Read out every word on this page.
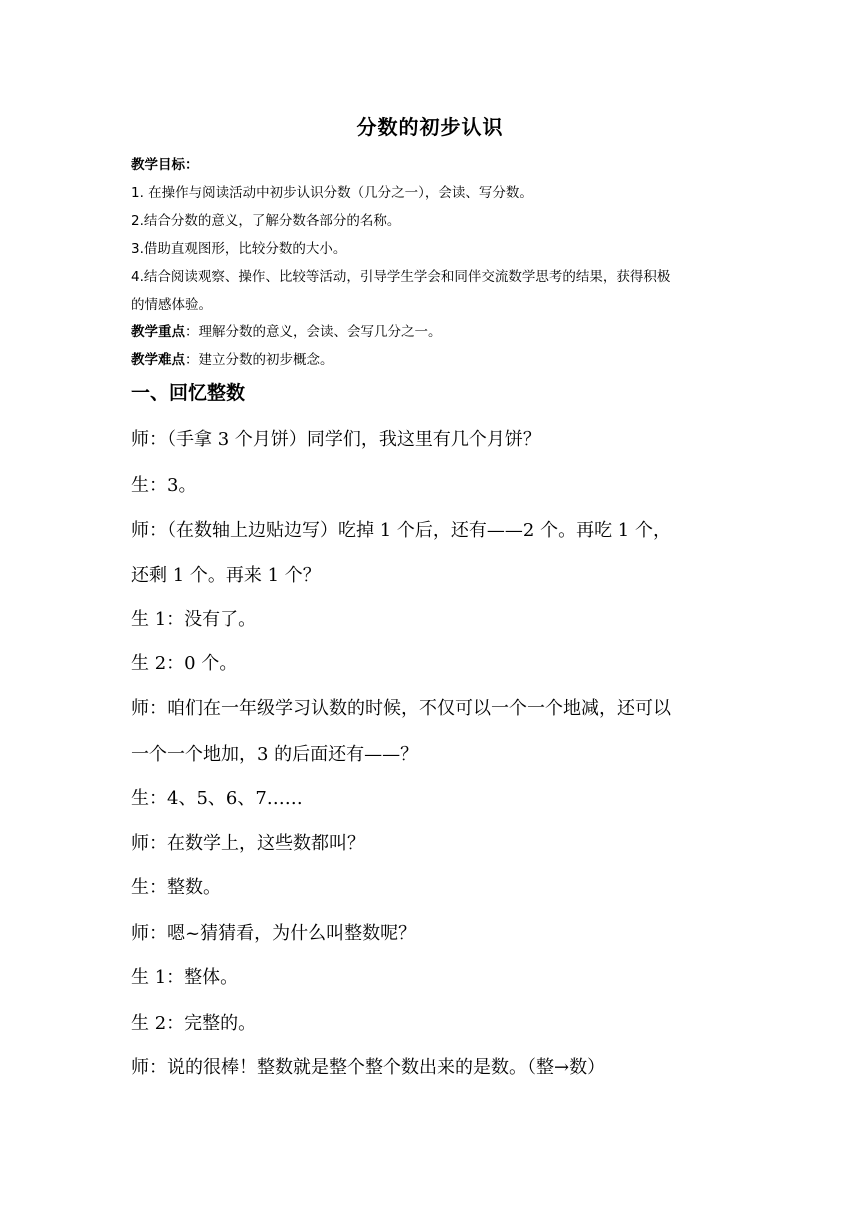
分数的初步认识
教学目标：
1. 在操作与阅读活动中初步认识分数（几分之一），会读、写分数。
2.结合分数的意义，了解分数各部分的名称。
3.借助直观图形，比较分数的大小。
4.结合阅读观察、操作、比较等活动，引导学生学会和同伴交流数学思考的结果，获得积极
的情感体验。
教学重点：理解分数的意义，会读、会写几分之一。
教学难点：建立分数的初步概念。
一、回忆整数
师：（手拿 3 个月饼）同学们，我这里有几个月饼？
生：3。
师：（在数轴上边贴边写）吃掉 1 个后，还有——2 个。再吃 1 个，
还剩 1 个。再来 1 个？
生 1：没有了。
生 2：0 个。
师：咱们在一年级学习认数的时候，不仅可以一个一个地减，还可以
一个一个地加，3 的后面还有——？
生：4、5、6、7……
师：在数学上，这些数都叫？
生：整数。
师：嗯~猜猜看，为什么叫整数呢？
生 1：整体。
生 2：完整的。
师：说的很棒！整数就是整个整个数出来的是数。（整→数）
